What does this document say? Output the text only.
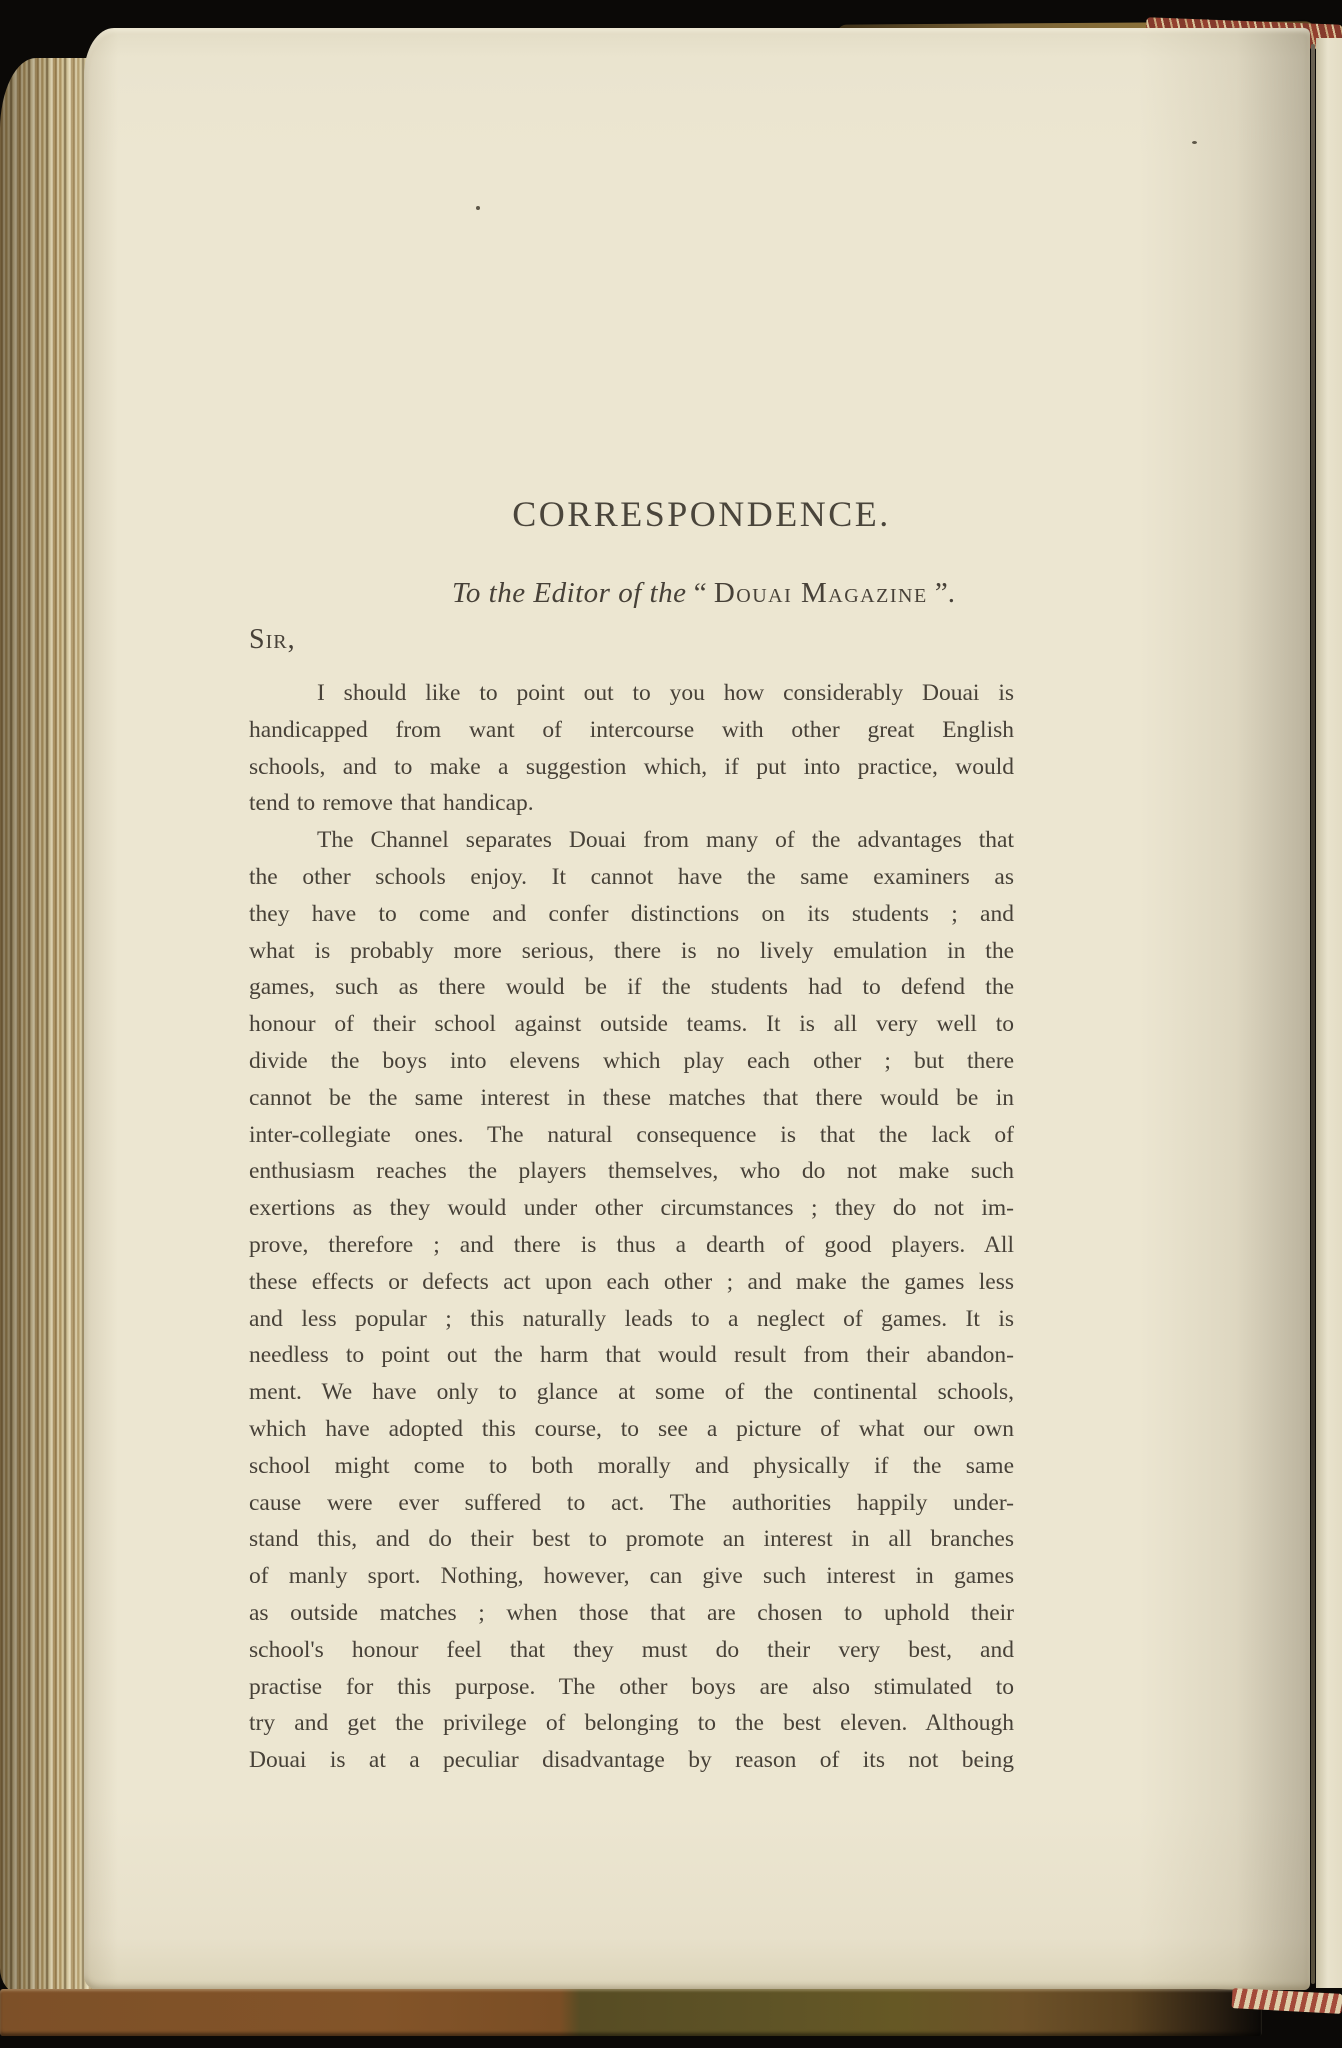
CORRESPONDENCE.

To the Editor of the “ Douai Magazine ”.

Sir,

I should like to point out to you how considerably Douai is
handicapped from want of intercourse with other great English
schools, and to make a suggestion which, if put into practice, would
tend to remove that handicap.
The Channel separates Douai from many of the advantages that
the other schools enjoy. It cannot have the same examiners as
they have to come and confer distinctions on its students ; and
what is probably more serious, there is no lively emulation in the
games, such as there would be if the students had to defend the
honour of their school against outside teams. It is all very well to
divide the boys into elevens which play each other ; but there
cannot be the same interest in these matches that there would be in
inter-collegiate ones. The natural consequence is that the lack of
enthusiasm reaches the players themselves, who do not make such
exertions as they would under other circumstances ; they do not im-
prove, therefore ; and there is thus a dearth of good players. All
these effects or defects act upon each other ; and make the games less
and less popular ; this naturally leads to a neglect of games. It is
needless to point out the harm that would result from their abandon-
ment. We have only to glance at some of the continental schools,
which have adopted this course, to see a picture of what our own
school might come to both morally and physically if the same
cause were ever suffered to act. The authorities happily under-
stand this, and do their best to promote an interest in all branches
of manly sport. Nothing, however, can give such interest in games
as outside matches ; when those that are chosen to uphold their
school's honour feel that they must do their very best, and
practise for this purpose. The other boys are also stimulated to
try and get the privilege of belonging to the best eleven. Although
Douai is at a peculiar disadvantage by reason of its not being
